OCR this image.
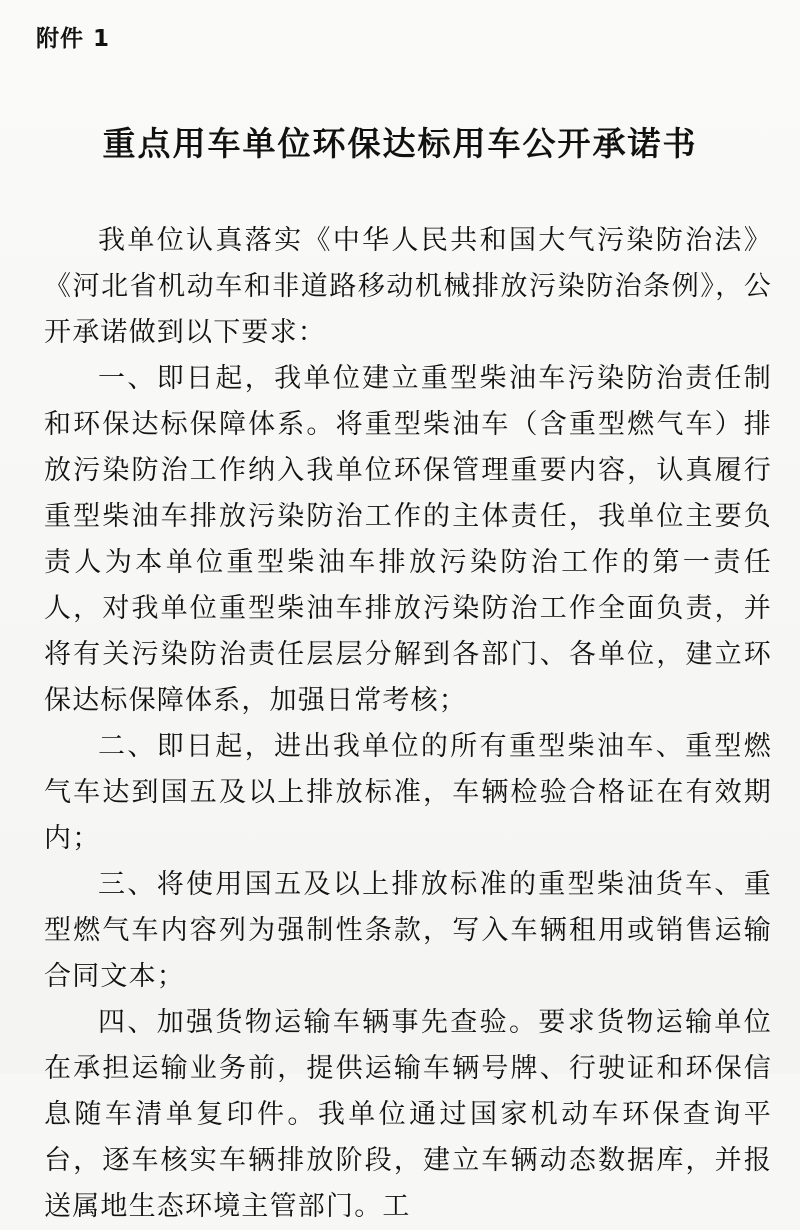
附件 1
重点用车单位环保达标用车公开承诺书

我单位认真落实《中华人民共和国大气污染防治法》《河北省机动车和非道路移动机械排放污染防治条例》，公开承诺做到以下要求：

一、即日起，我单位建立重型柴油车污染防治责任制和环保达标保障体系。将重型柴油车（含重型燃气车）排放污染防治工作纳入我单位环保管理重要内容，认真履行重型柴油车排放污染防治工作的主体责任，我单位主要负责人为本单位重型柴油车排放污染防治工作的第一责任人，对我单位重型柴油车排放污染防治工作全面负责，并将有关污染防治责任层层分解到各部门、各单位，建立环保达标保障体系，加强日常考核；

二、即日起，进出我单位的所有重型柴油车、重型燃气车达到国五及以上排放标准，车辆检验合格证在有效期内；

三、将使用国五及以上排放标准的重型柴油货车、重型燃气车内容列为强制性条款，写入车辆租用或销售运输合同文本；

四、加强货物运输车辆事先查验。要求货物运输单位在承担运输业务前，提供运输车辆号牌、行驶证和环保信息随车清单复印件。我单位通过国家机动车环保查询平台，逐车核实车辆排放阶段，建立车辆动态数据库，并报送属地生态环境主管部门。工
